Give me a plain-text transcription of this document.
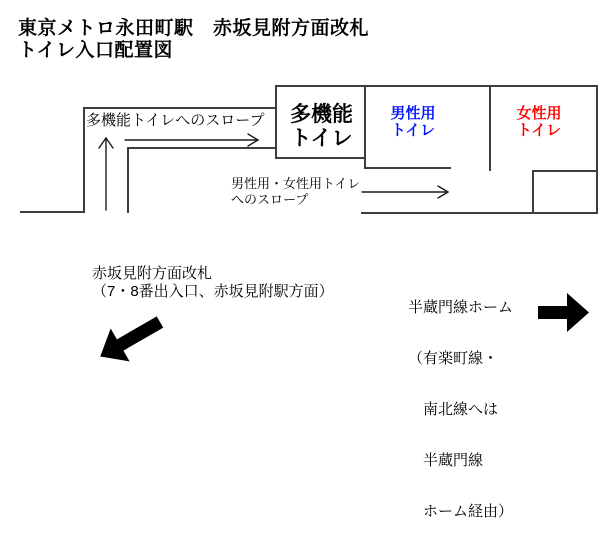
東京メトロ永田町駅　赤坂見附方面改札
トイレ入口配置図
多機能トイレへのスロープ	多機能
トイレ
男性用
トイレ
女性用
トイレ
男性用・女性用トイレ
へのスロープ
赤坂見附方面改札
（7・8番出入口、赤坂見附駅方面）

半蔵門線ホーム

（有楽町線・

　南北線へは

　半蔵門線

　ホーム経由）
